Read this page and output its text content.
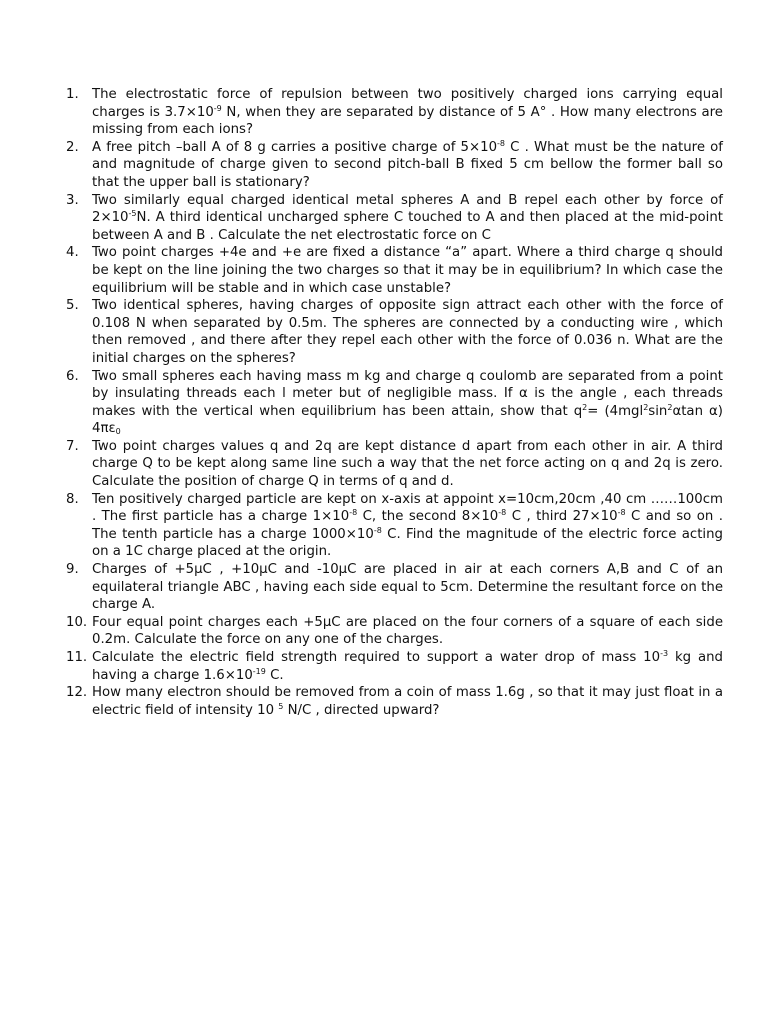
1. The electrostatic force of repulsion between two positively charged ions carrying equal charges is $3.7\times 10^{-9}$ N, when they are separated by distance of 5 A° . How many electrons are missing from each ions?
2. A free pitch –ball A of 8 g carries a positive charge of $5\times 10^{-8}$ C . What must be the nature of and magnitude of charge given to second pitch-ball B fixed 5 cm bellow the former ball so that the upper ball is stationary?
3. Two similarly equal charged identical metal spheres A and B repel each other by force of $2\times 10^{-5}N$. A third identical uncharged sphere C touched to A and then placed at the mid-point between A and B . Calculate the net electrostatic force on C
4. Two point charges +4e and +e are fixed a distance “a” apart. Where a third charge q should be kept on the line joining the two charges so that it may be in equilibrium? In which case the equilibrium will be stable and in which case unstable?
5. Two identical spheres, having charges of opposite sign attract each other with the force of 0.108 N when separated by 0.5m. The spheres are connected by a conducting wire , which then removed , and there after they repel each other with the force of 0.036 n. What are the initial charges on the spheres?
6. Two small spheres each having mass m kg and charge q coulomb are separated from a point by insulating threads each l meter but of negligible mass. If α is the angle , each threads makes with the vertical when equilibrium has been attain, show that $q^2= (4mgl^2\sin^2\alpha\tan$ α) $4\pi\varepsilon_0$
7. Two point charges values q and 2q are kept distance d apart from each other in air. A third charge Q to be kept along same line such a way that the net force acting on q and 2q is zero. Calculate the position of charge Q in terms of q and d.
8. Ten positively charged particle are kept on x-axis at appoint x=10cm,20cm ,40 cm ……100cm . The first particle has a charge $1\times 10^{-8}$ C, the second $8\times 10^{-8}$ C , third $27\times 10^{-8}$ C and so on . The tenth particle has a charge $1000\times 10^{-8}$ C. Find the magnitude of the electric force acting on a 1C charge placed at the origin.
9. Charges of +5μC , +10μC and -10μC are placed in air at each corners A,B and C of an equilateral triangle ABC , having each side equal to 5cm. Determine the resultant force on the charge A.
10. Four equal point charges each +5μC are placed on the four corners of a square of each side 0.2m. Calculate the force on any one of the charges.
11. Calculate the electric field strength required to support a water drop of mass $10^{-3}$ kg and having a charge $1.6\times 10^{-19}$ C.
12. How many electron should be removed from a coin of mass 1.6g , so that it may just float in a electric field of intensity 10 $^5$ N/C , directed upward?
